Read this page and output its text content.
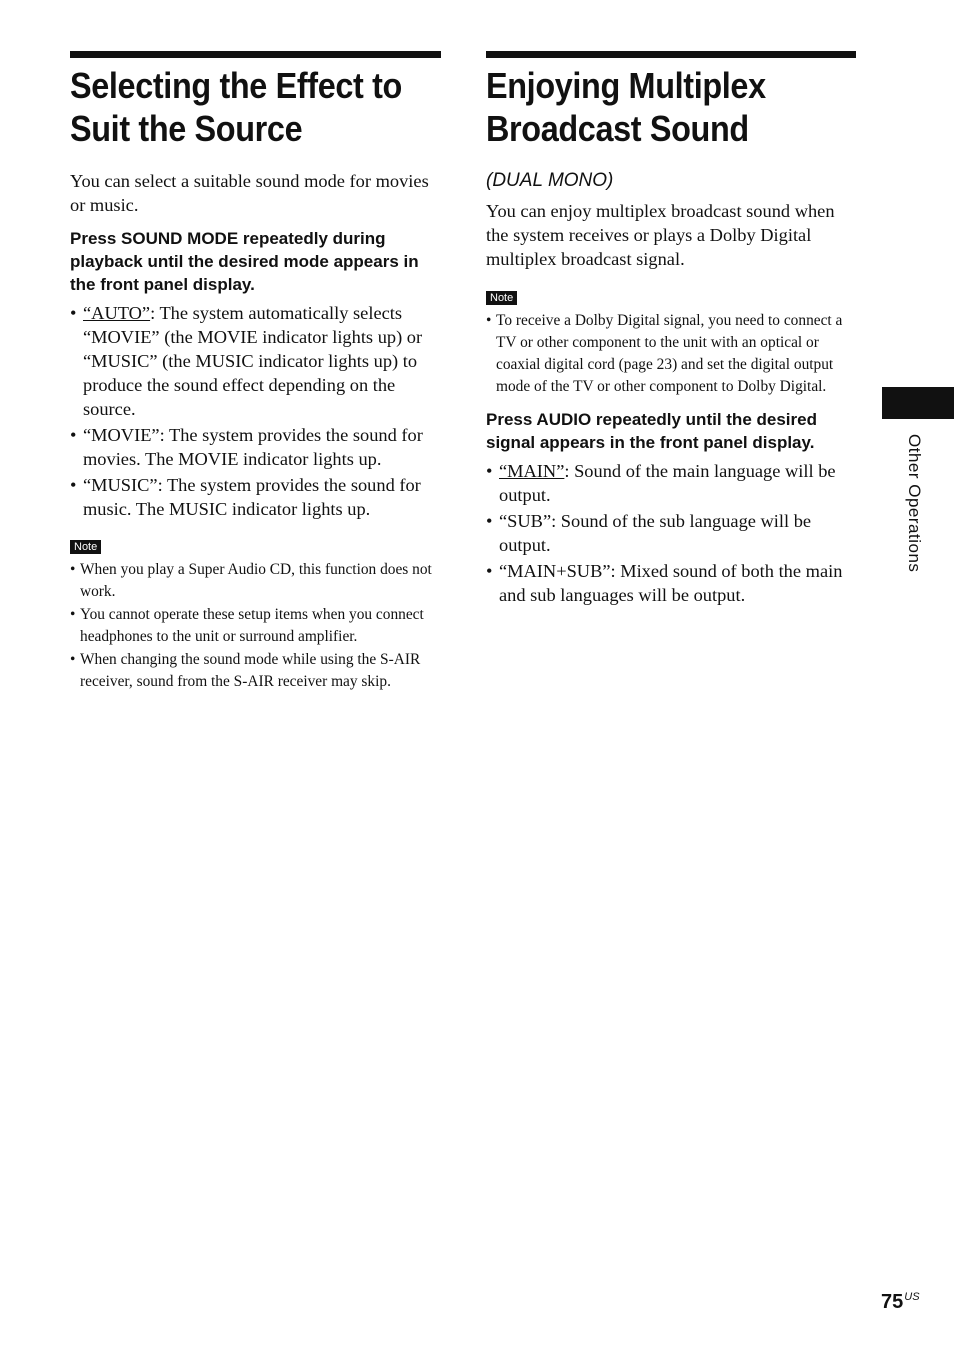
Selecting the Effect to
Suit the Source

You can select a suitable sound mode for movies or music.

Press SOUND MODE repeatedly during playback until the desired mode appears in the front panel display.

• “AUTO”: The system automatically selects “MOVIE” (the MOVIE indicator lights up) or “MUSIC” (the MUSIC indicator lights up) to produce the sound effect depending on the source.
• “MOVIE”: The system provides the sound for movies. The MOVIE indicator lights up.
• “MUSIC”: The system provides the sound for music. The MUSIC indicator lights up.
Note
• When you play a Super Audio CD, this function does not work.
• You cannot operate these setup items when you connect headphones to the unit or surround amplifier.
• When changing the sound mode while using the S-AIR receiver, sound from the S-AIR receiver may skip.
Enjoying Multiplex
Broadcast Sound

(DUAL MONO)

You can enjoy multiplex broadcast sound when the system receives or plays a Dolby Digital multiplex broadcast signal.

Note
• To receive a Dolby Digital signal, you need to connect a TV or other component to the unit with an optical or coaxial digital cord (page 23) and set the digital output mode of the TV or other component to Dolby Digital.

Press AUDIO repeatedly until the desired signal appears in the front panel display.

• “MAIN”: Sound of the main language will be output.
• “SUB”: Sound of the sub language will be output.
• “MAIN+SUB”: Mixed sound of both the main and sub languages will be output.
Other Operations
$75^{US}$
